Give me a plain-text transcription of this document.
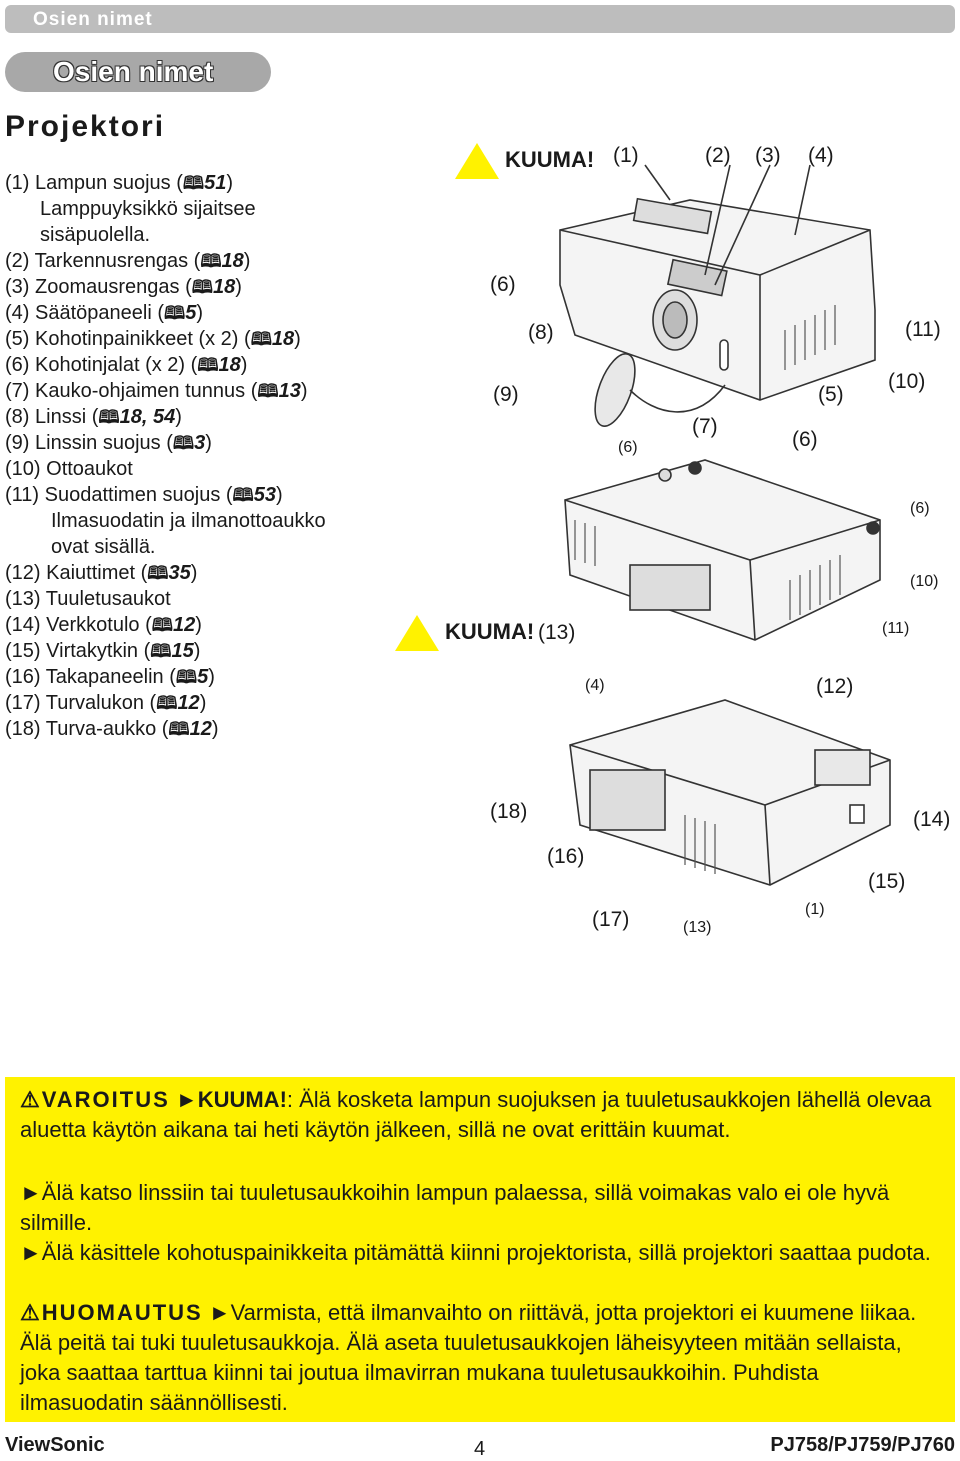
Osien nimet
Osien nimet
Projektori
(1) Lampun suojus ( 🕮 51)
Lamppuyksikkö sijaitsee
sisäpuolella.
(2) Tarkennusrengas ( 🕮 18)
(3) Zoomausrengas ( 🕮 18)
(4) Säätöpaneeli ( 🕮 5)
(5) Kohotinpainikkeet (x 2) ( 🕮 18)
(6) Kohotinjalat (x 2) ( 🕮 18)
(7) Kauko-ohjaimen tunnus ( 🕮 13)
(8) Linssi ( 🕮 18, 54)
(9) Linssin suojus ( 🕮 3)
(10) Ottoaukot
(11) Suodattimen suojus ( 🕮 53)
Ilmasuodatin ja ilmanottoaukko
ovat sisällä.
(12) Kaiuttimet ( 🕮 35)
(13) Tuuletusaukot
(14) Verkkotulo ( 🕮 12)
(15) Virtakytkin ( 🕮 15)
(16) Takapaneelin ( 🕮 5)
(17) Turvalukon ( 🕮 12)
(18) Turva-aukko ( 🕮 12)
KUUMA!
KUUMA!
(1)	(2) (3) (4)
(6)
(8)	(11)
(10)
(9)	(5)
(7)
(6)
(6)
(6)
(10)
(13)	(11)
(4)	(12)
(18)	(14)
(16)
(15)
(1)
(17)	(13)

⚠VAROITUS ►KUUMA!: Älä kosketa lampun suojuksen ja tuuletusaukkojen lähellä olevaa aluetta käytön aikana tai heti käytön jälkeen, sillä ne ovat erittäin kuumat.

►Älä katso linssiin tai tuuletusaukkoihin lampun palaessa, sillä voimakas valo ei ole hyvä silmille.

►Älä käsittele kohotuspainikkeita pitämättä kiinni projektorista, sillä projektori saattaa pudota.

⚠HUOMAUTUS ►Varmista, että ilmanvaihto on riittävä, jotta projektori ei kuumene liikaa. Älä peitä tai tuki tuuletusaukkoja. Älä aseta tuuletusaukkojen läheisyyteen mitään sellaista, joka saattaa tarttua kiinni tai joutua ilmavirran mukana tuuletusaukkoihin. Puhdista ilmasuodatin säännöllisesti.

ViewSonic	4	PJ758/PJ759/PJ760
